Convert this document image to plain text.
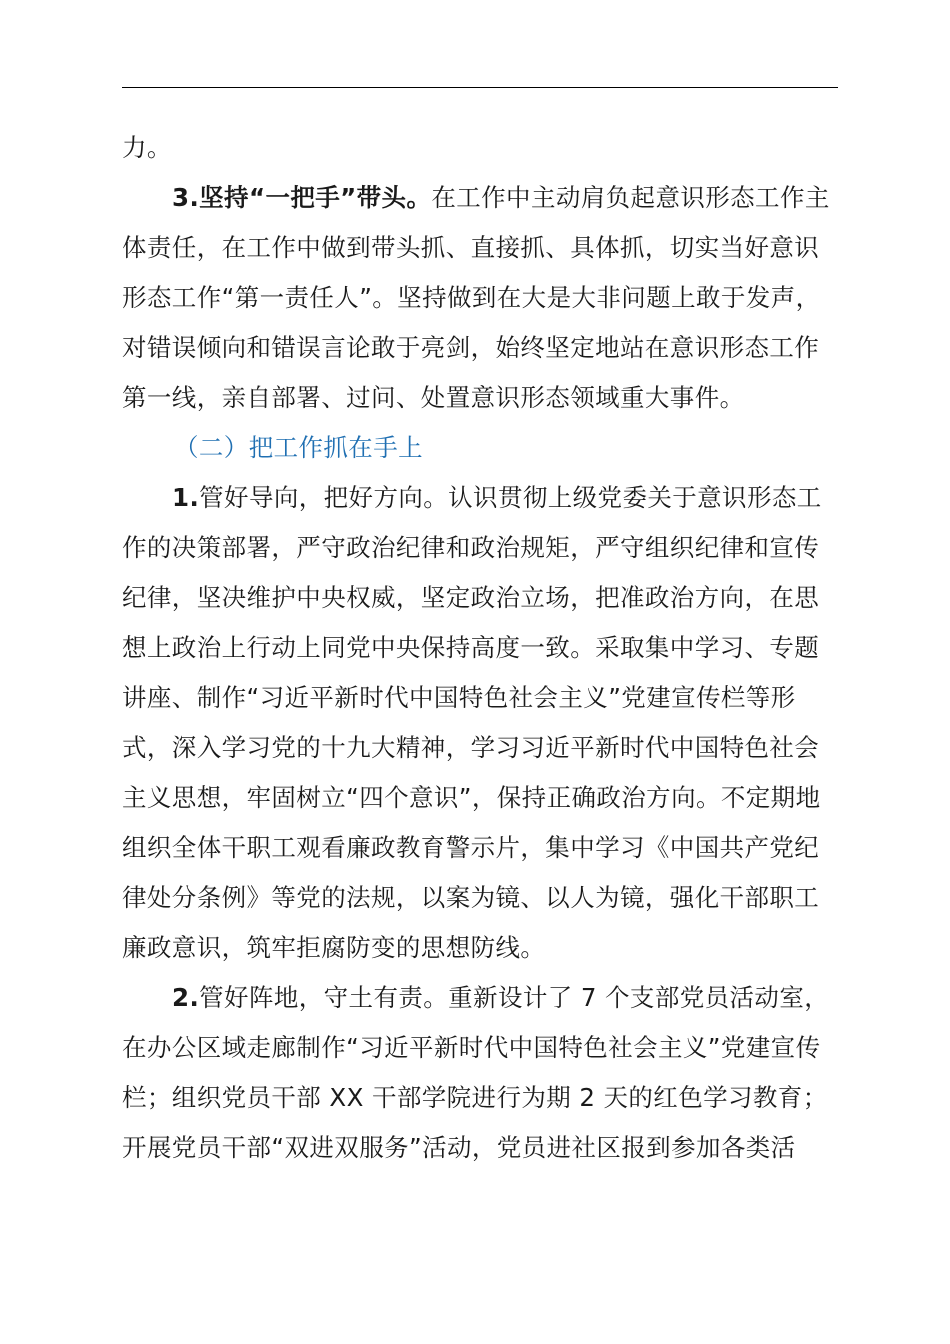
力。

3.坚持“一把手”带头。在工作中主动肩负起意识形态工作主体责任，在工作中做到带头抓、直接抓、具体抓，切实当好意识形态工作“第一责任人”。坚持做到在大是大非问题上敢于发声，对错误倾向和错误言论敢于亮剑，始终坚定地站在意识形态工作第一线，亲自部署、过问、处置意识形态领域重大事件。

（二）把工作抓在手上

1.管好导向，把好方向。认识贯彻上级党委关于意识形态工作的决策部署，严守政治纪律和政治规矩，严守组织纪律和宣传纪律，坚决维护中央权威，坚定政治立场，把准政治方向，在思想上政治上行动上同党中央保持高度一致。采取集中学习、专题讲座、制作“习近平新时代中国特色社会主义”党建宣传栏等形式，深入学习党的十九大精神，学习习近平新时代中国特色社会主义思想，牢固树立“四个意识”，保持正确政治方向。不定期地组织全体干职工观看廉政教育警示片，集中学习《中国共产党纪律处分条例》等党的法规，以案为镜、以人为镜，强化干部职工廉政意识，筑牢拒腐防变的思想防线。

2.管好阵地，守土有责。重新设计了 7 个支部党员活动室，在办公区域走廊制作“习近平新时代中国特色社会主义”党建宣传栏；组织党员干部 XX 干部学院进行为期 2 天的红色学习教育；开展党员干部“双进双服务”活动，党员进社区报到参加各类活
